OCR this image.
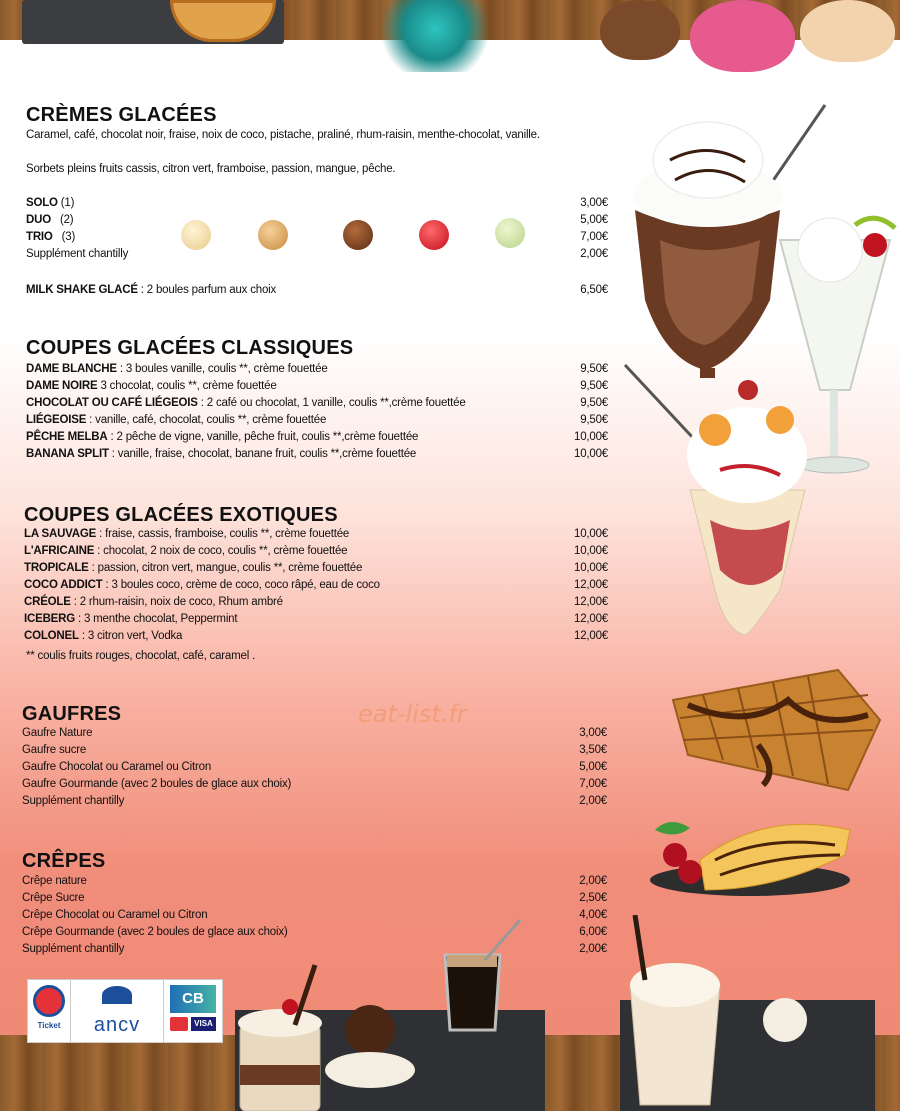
CRÈMES GLACÉES
Caramel, café, chocolat noir, fraise, noix de coco, pistache, praliné, rhum-raisin, menthe-chocolat, vanille.
Sorbets pleins fruits cassis, citron vert, framboise, passion, mangue, pêche.
SOLO (1)	3,00€
DUO (2)	5,00€
TRIO (3)	7,00€
Supplément chantilly	2,00€
MILK SHAKE GLACÉ : 2 boules parfum aux choix	6,50€
COUPES GLACÉES CLASSIQUES
DAME BLANCHE : 3 boules vanille, coulis **, crème fouettée	9,50€
DAME NOIRE 3 chocolat, coulis **, crème fouettée	9,50€
CHOCOLAT OU CAFÉ LIÉGEOIS : 2 café ou chocolat, 1 vanille, coulis **,crème fouettée	9,50€
LIÉGEOISE : vanille, café, chocolat, coulis **, crème fouettée	9,50€
PÊCHE MELBA : 2 pêche de vigne, vanille, pêche fruit, coulis **,crème fouettée	10,00€
BANANA SPLIT : vanille, fraise, chocolat, banane fruit, coulis **,crème fouettée	10,00€
COUPES GLACÉES EXOTIQUES
LA SAUVAGE : fraise, cassis, framboise, coulis **, crème fouettée	10,00€
L'AFRICAINE : chocolat, 2 noix de coco, coulis **, crème fouettée	10,00€
TROPICALE : passion, citron vert, mangue, coulis **, crème fouettée	10,00€
COCO ADDICT : 3 boules coco, crème de coco, coco râpé, eau de coco	12,00€
CRÉOLE : 2 rhum-raisin, noix de coco, Rhum ambré	12,00€
ICEBERG : 3 menthe chocolat, Peppermint	12,00€
COLONEL : 3 citron vert, Vodka	12,00€
** coulis fruits rouges, chocolat, café, caramel .
GAUFRES
Gaufre Nature	3,00€
Gaufre sucre	3,50€
Gaufre Chocolat ou Caramel ou Citron	5,00€
Gaufre Gourmande (avec 2 boules de glace aux choix)	7,00€
Supplément chantilly	2,00€
eat-list.fr
CRÊPES
Crêpe nature	2,00€
Crêpe Sucre	2,50€
Crêpe Chocolat ou Caramel ou Citron	4,00€
Crêpe Gourmande (avec 2 boules de glace aux choix)	6,00€
Supplément chantilly	2,00€
Ticket	ancv
CB
VISA
